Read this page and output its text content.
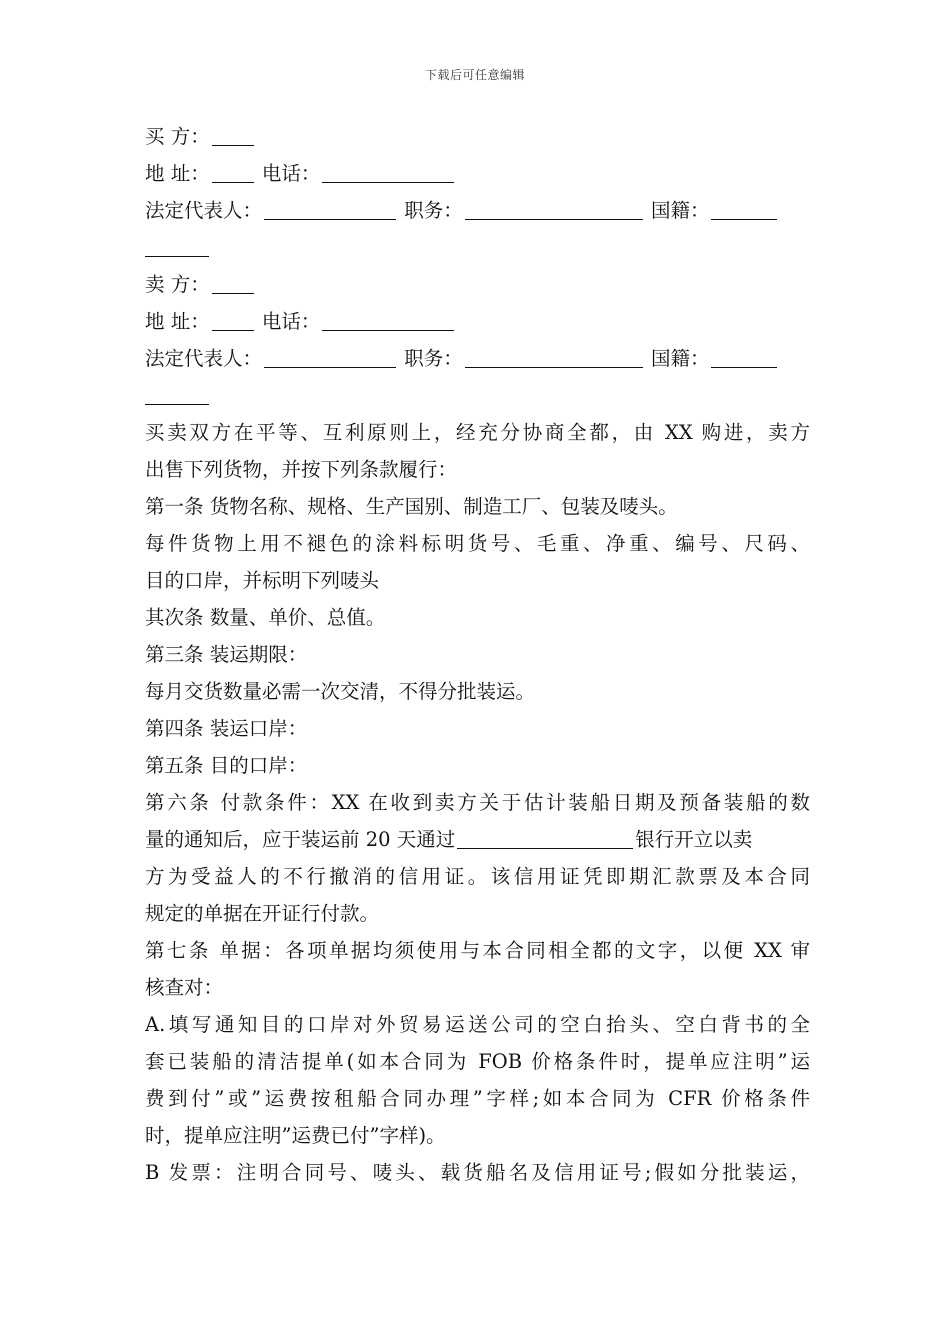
下载后可任意编辑
买 方：
地 址：	电话：
法定代表人：	职务：	国籍：
卖 方：
地 址：	电话：
法定代表人：	职务：	国籍：
买卖双方在平等、互利原则上，经充分协商全都，由 XX 购进，卖方
出售下列货物，并按下列条款履行：
第一条 货物名称、规格、生产国别、制造工厂、包装及唛头。
每件货物上用不褪色的涂料标明货号、毛重、净重、编号、尺码、
目的口岸，并标明下列唛头
其次条 数量、单价、总值。
第三条 装运期限：
每月交货数量必需一次交清，不得分批装运。
第四条 装运口岸：
第五条 目的口岸：
第六条 付款条件：XX 在收到卖方关于估计装船日期及预备装船的数
量的通知后，应于装运前 20 天通过	银行开立以卖
方为受益人的不行撤消的信用证。该信用证凭即期汇款票及本合同
规定的单据在开证行付款。
第七条 单据：各项单据均须使用与本合同相全都的文字，以便 XX 审
核查对：
A.填写通知目的口岸对外贸易运送公司的空白抬头、空白背书的全
套已装船的清洁提单(如本合同为 FOB 价格条件时，提单应注明”运
费到付”或”运费按租船合同办理”字样;如本合同为 CFR 价格条件
时，提单应注明”运费已付”字样)。
B 发票：注明合同号、唛头、载货船名及信用证号;假如分批装运，
